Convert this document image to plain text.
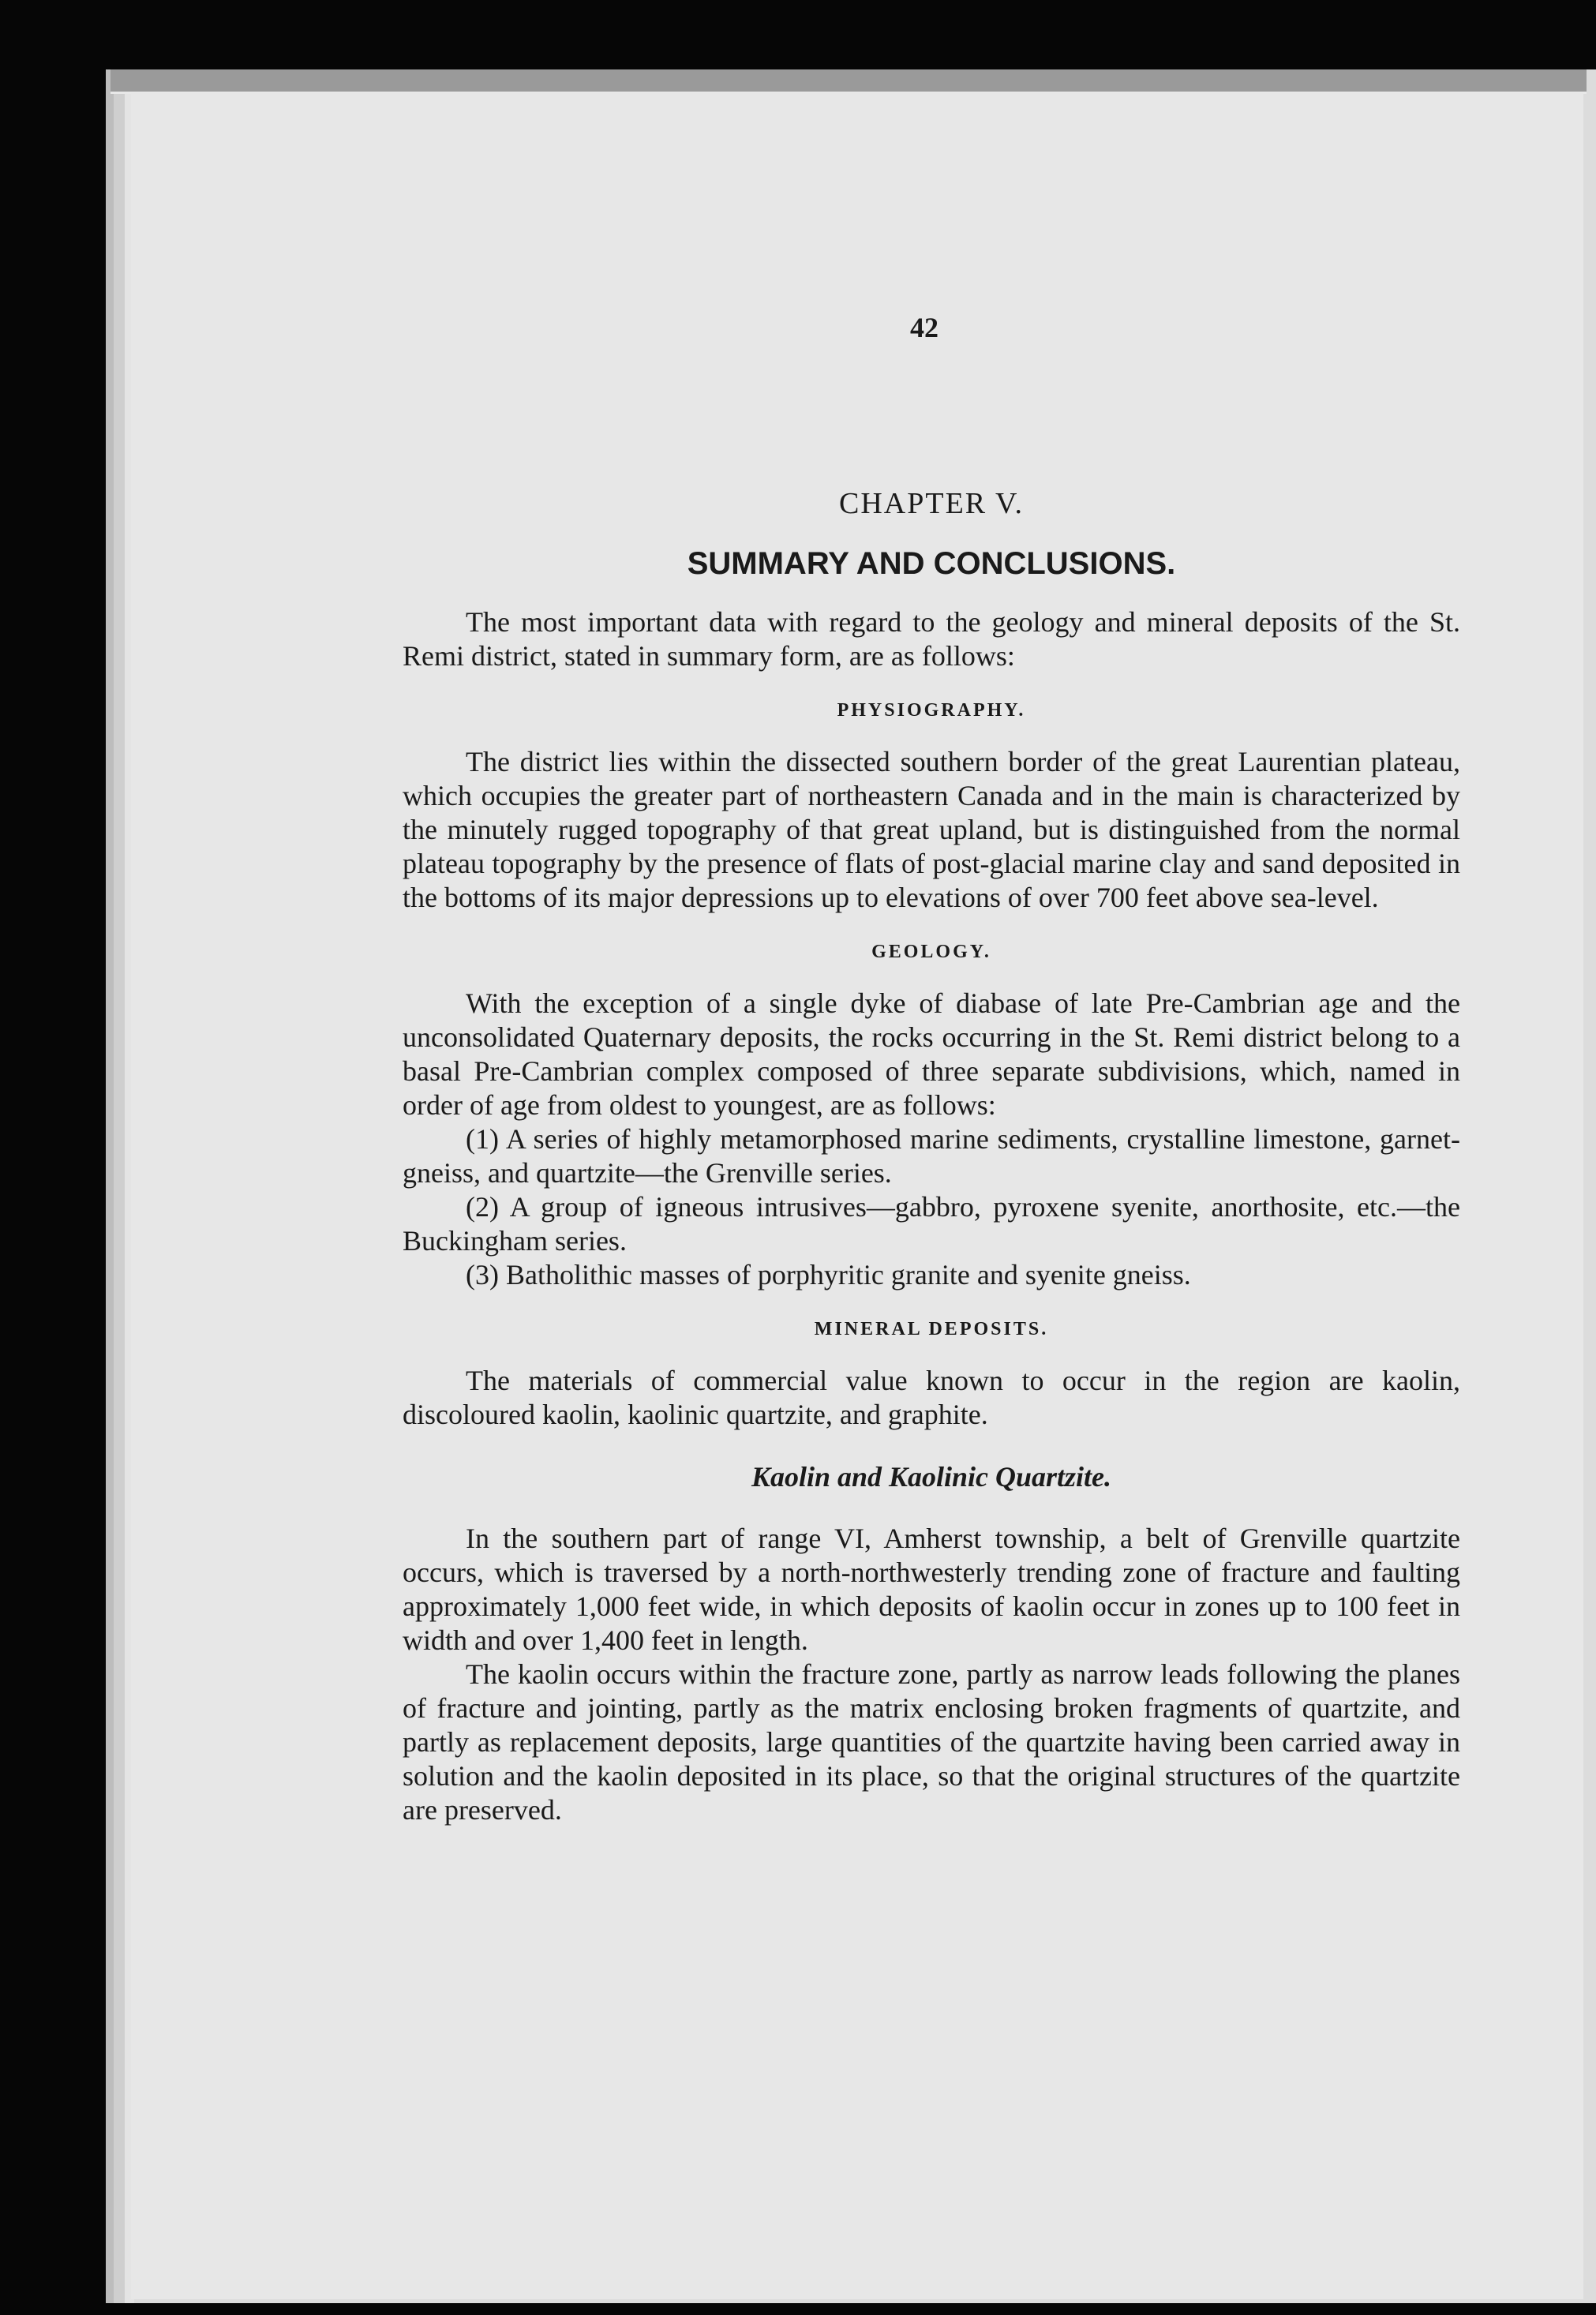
42
CHAPTER V.
SUMMARY AND CONCLUSIONS.

The most important data with regard to the geology and mineral deposits of the St. Remi district, stated in summary form, are as follows:

PHYSIOGRAPHY.

The district lies within the dissected southern border of the great Laurentian plateau, which occupies the greater part of northeastern Canada and in the main is characterized by the minutely rugged topography of that great upland, but is distinguished from the normal plateau topography by the presence of flats of post-glacial marine clay and sand deposited in the bottoms of its major depressions up to elevations of over 700 feet above sea-level.

GEOLOGY.

With the exception of a single dyke of diabase of late Pre-Cambrian age and the unconsolidated Quaternary deposits, the rocks occurring in the St. Remi district belong to a basal Pre-Cambrian complex composed of three separate subdivisions, which, named in order of age from oldest to youngest, are as follows:

(1) A series of highly metamorphosed marine sediments, crystalline limestone, garnet-gneiss, and quartzite—the Grenville series.

(2) A group of igneous intrusives—gabbro, pyroxene syenite, anorthosite, etc.—the Buckingham series.

(3) Batholithic masses of porphyritic granite and syenite gneiss.

MINERAL DEPOSITS.

The materials of commercial value known to occur in the region are kaolin, discoloured kaolin, kaolinic quartzite, and graphite.

Kaolin and Kaolinic Quartzite.

In the southern part of range VI, Amherst township, a belt of Grenville quartzite occurs, which is traversed by a north-northwesterly trending zone of fracture and faulting approximately 1,000 feet wide, in which deposits of kaolin occur in zones up to 100 feet in width and over 1,400 feet in length.

The kaolin occurs within the fracture zone, partly as narrow leads following the planes of fracture and jointing, partly as the matrix enclosing broken fragments of quartzite, and partly as replacement deposits, large quantities of the quartzite having been carried away in solution and the kaolin deposited in its place, so that the original structures of the quartzite are preserved.
